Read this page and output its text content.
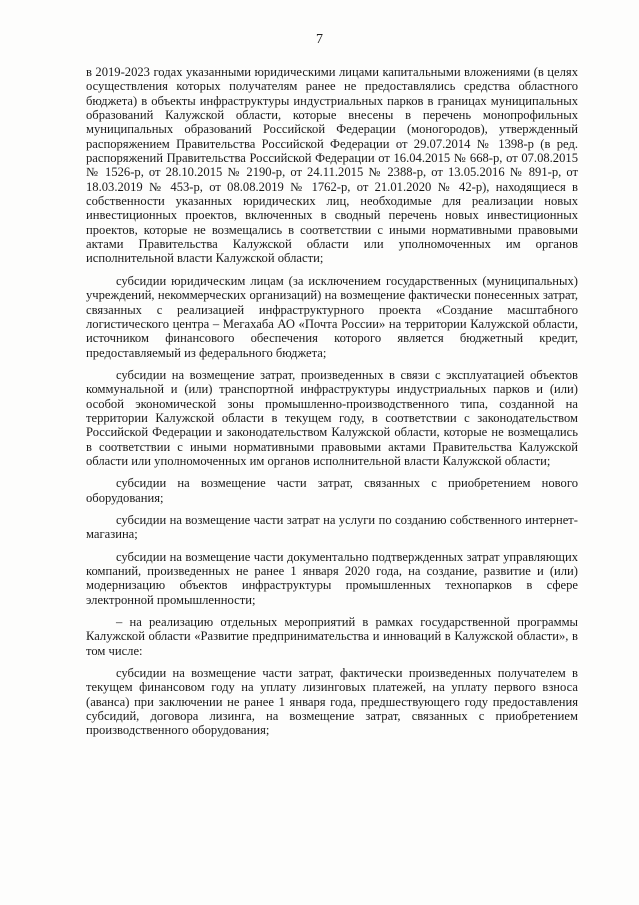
7

в 2019-2023 годах указанными юридическими лицами капитальными вложениями (в целях осуществления которых получателям ранее не предоставлялись средства областного бюджета) в объекты инфраструктуры индустриальных парков в границах муниципальных образований Калужской области, которые внесены в перечень монопрофильных муниципальных образований Российской Федерации (моногородов), утвержденный распоряжением Правительства Российской Федерации от 29.07.2014 № 1398-р (в ред. распоряжений Правительства Российской Федерации от 16.04.2015 № 668-р, от 07.08.2015 № 1526-р, от 28.10.2015 № 2190-р, от 24.11.2015 № 2388-р, от 13.05.2016 № 891-р, от 18.03.2019 № 453-р, от 08.08.2019 № 1762-р, от 21.01.2020 № 42-р), находящиеся в собственности указанных юридических лиц, необходимые для реализации новых инвестиционных проектов, включенных в сводный перечень новых инвестиционных проектов, которые не возмещались в соответствии с иными нормативными правовыми актами Правительства Калужской области или уполномоченных им органов исполнительной власти Калужской области;

субсидии юридическим лицам (за исключением государственных (муниципальных) учреждений, некоммерческих организаций) на возмещение фактически понесенных затрат, связанных с реализацией инфраструктурного проекта «Создание масштабного логистического центра – Мегахаба АО «Почта России» на территории Калужской области, источником финансового обеспечения которого является бюджетный кредит, предоставляемый из федерального бюджета;

субсидии на возмещение затрат, произведенных в связи с эксплуатацией объектов коммунальной и (или) транспортной инфраструктуры индустриальных парков и (или) особой экономической зоны промышленно-производственного типа, созданной на территории Калужской области в текущем году, в соответствии с законодательством Российской Федерации и законодательством Калужской области, которые не возмещались в соответствии с иными нормативными правовыми актами Правительства Калужской области или уполномоченных им органов исполнительной власти Калужской области;

субсидии на возмещение части затрат, связанных с приобретением нового оборудования;

субсидии на возмещение части затрат на услуги по созданию собственного интернет-магазина;

субсидии на возмещение части документально подтвержденных затрат управляющих компаний, произведенных не ранее 1 января 2020 года, на создание, развитие и (или) модернизацию объектов инфраструктуры промышленных технопарков в сфере электронной промышленности;

– на реализацию отдельных мероприятий в рамках государственной программы Калужской области «Развитие предпринимательства и инноваций в Калужской области», в том числе:

субсидии на возмещение части затрат, фактически произведенных получателем в текущем финансовом году на уплату лизинговых платежей, на уплату первого взноса (аванса) при заключении не ранее 1 января года, предшествующего году предоставления субсидий, договора лизинга, на возмещение затрат, связанных с приобретением производственного оборудования;
